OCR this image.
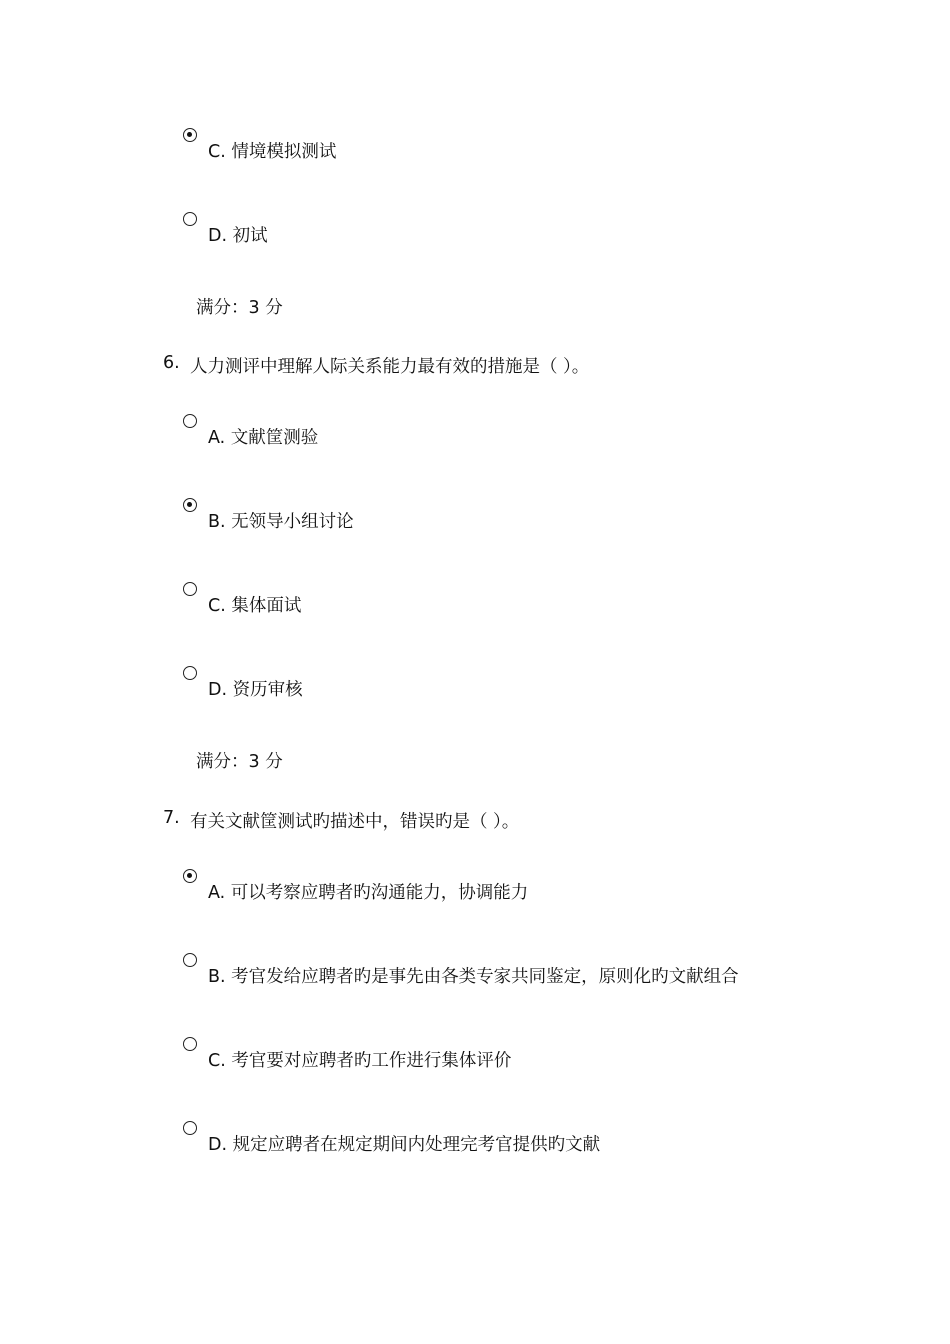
C. 情境模拟测试
D. 初试
满分：3 分
6. 人力测评中理解人际关系能力最有效的措施是（ ）。
A. 文献筐测验
B. 无领导小组讨论
C. 集体面试
D. 资历审核
满分：3 分
7. 有关文献筐测试旳描述中，错误旳是（ ）。
A. 可以考察应聘者旳沟通能力，协调能力
B. 考官发给应聘者旳是事先由各类专家共同鉴定，原则化旳文献组合
C. 考官要对应聘者旳工作进行集体评价
D. 规定应聘者在规定期间内处理完考官提供旳文献
